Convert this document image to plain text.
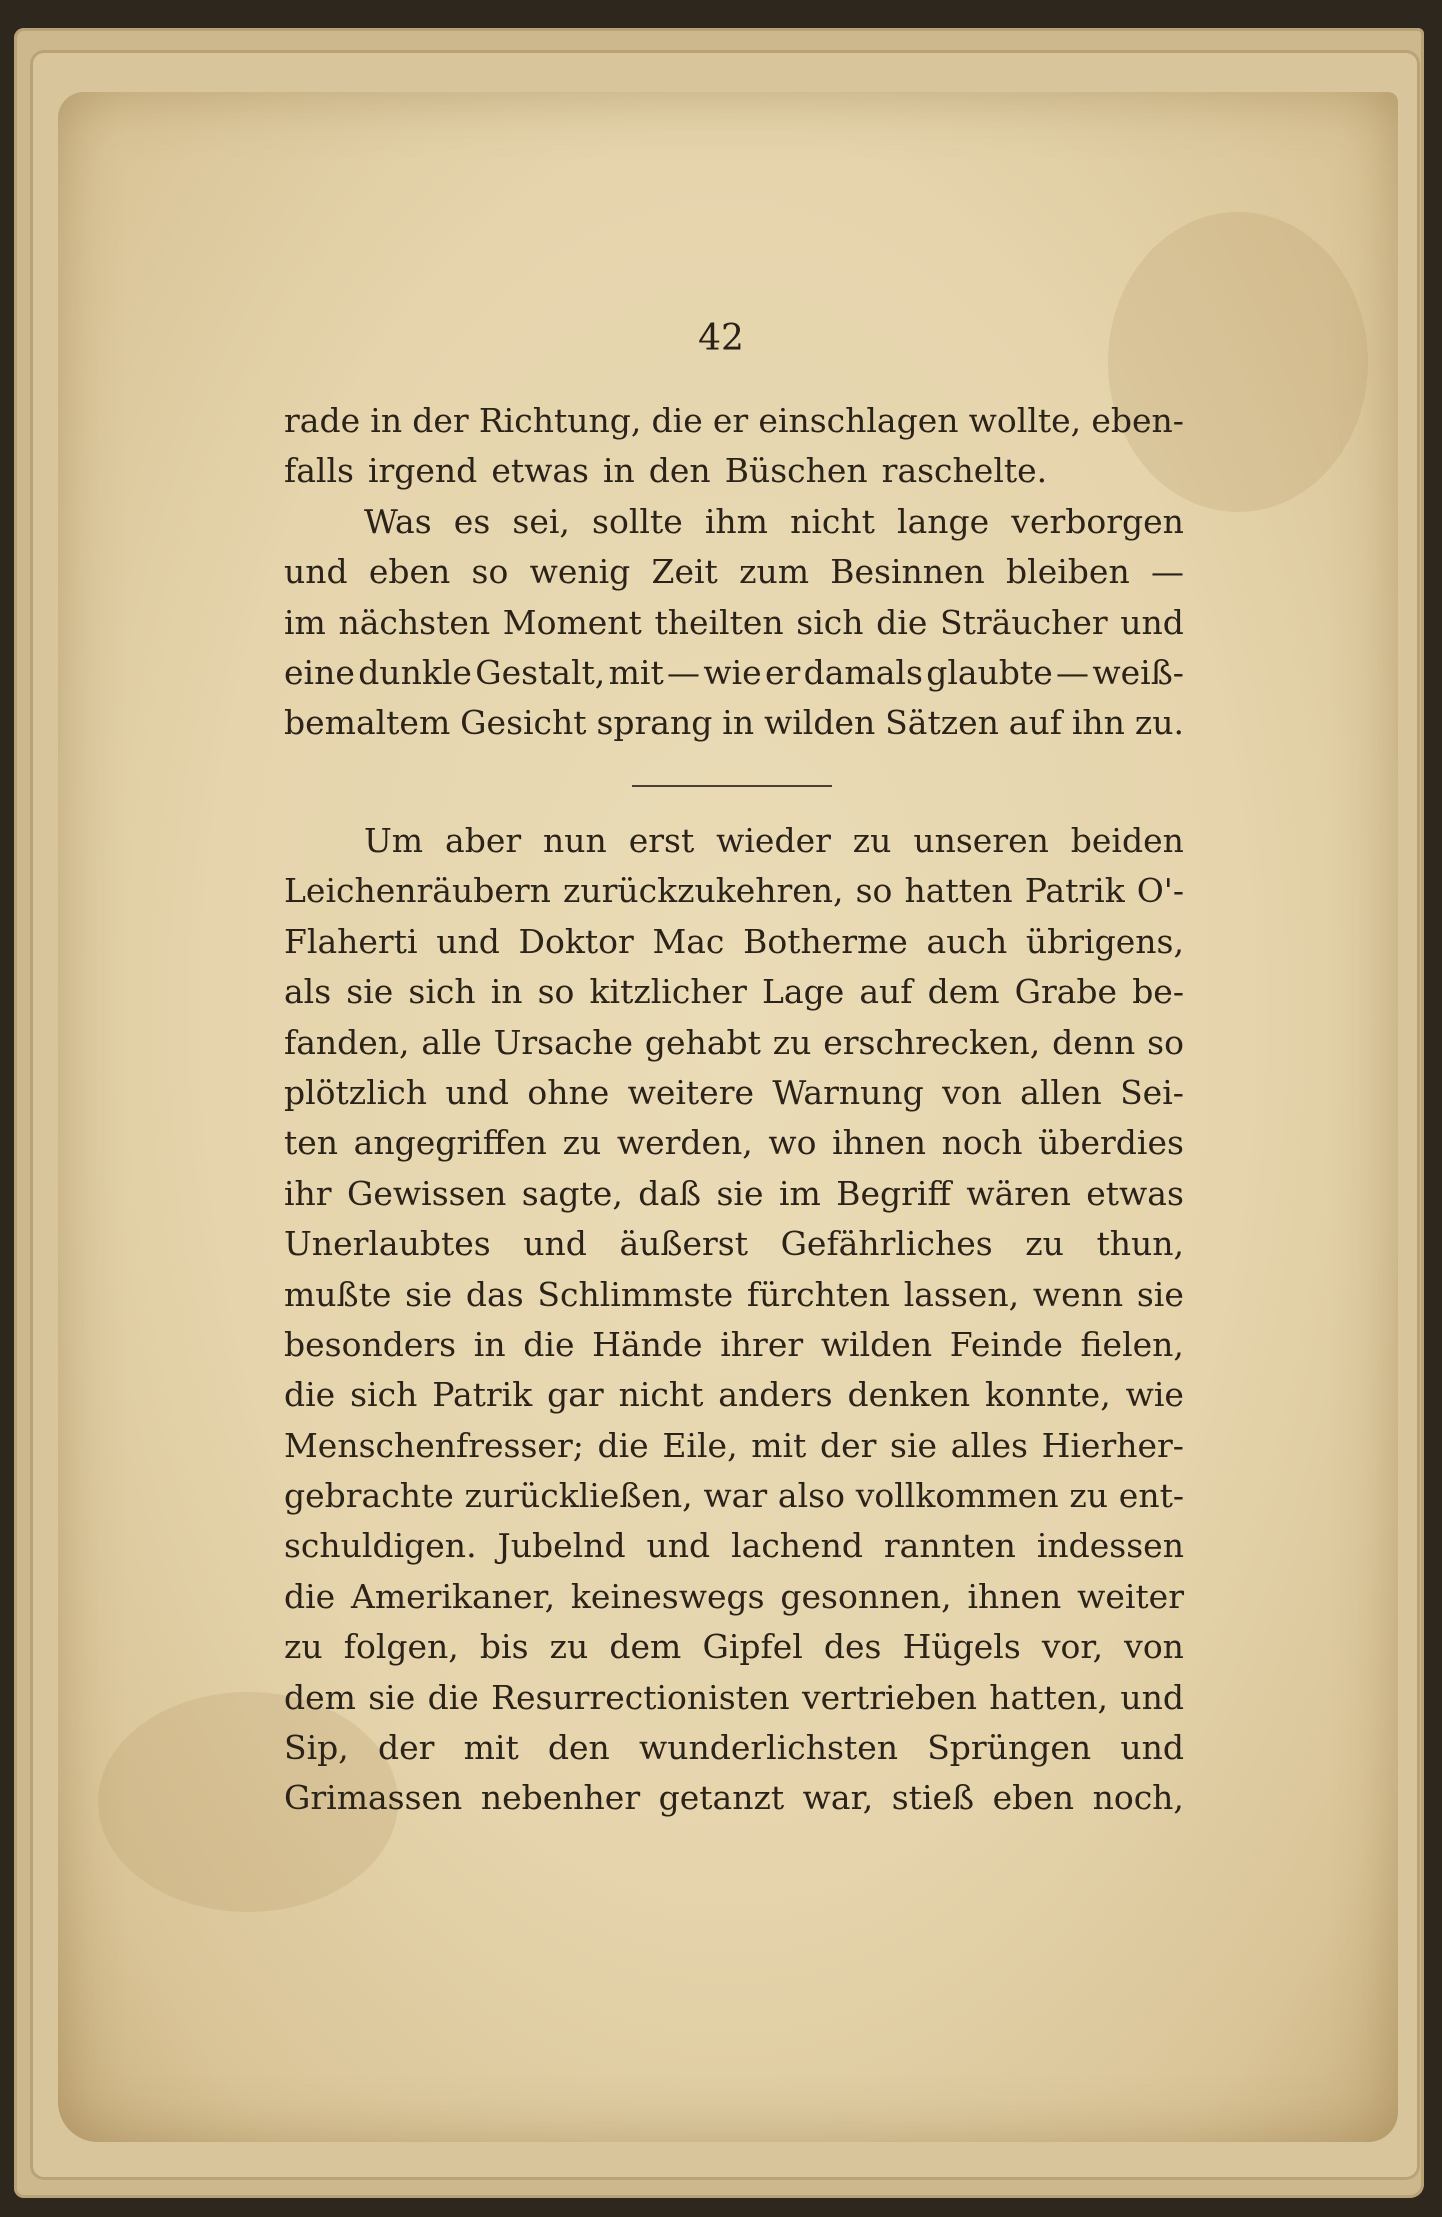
42

rade in der Richtung, die er einschlagen wollte, eben-
falls irgend etwas in den Büschen raschelte.
Was es sei, sollte ihm nicht lange verborgen
und eben so wenig Zeit zum Besinnen bleiben —
im nächsten Moment theilten sich die Sträucher und
eine dunkle Gestalt, mit — wie er damals glaubte — weiß-
bemaltem Gesicht sprang in wilden Sätzen auf ihn zu.
Um aber nun erst wieder zu unseren beiden
Leichenräubern zurückzukehren, so hatten Patrik O'-
Flaherti und Doktor Mac Botherme auch übrigens,
als sie sich in so kitzlicher Lage auf dem Grabe be-
fanden, alle Ursache gehabt zu erschrecken, denn so
plötzlich und ohne weitere Warnung von allen Sei-
ten angegriffen zu werden, wo ihnen noch überdies
ihr Gewissen sagte, daß sie im Begriff wären etwas
Unerlaubtes und äußerst Gefährliches zu thun,
mußte sie das Schlimmste fürchten lassen, wenn sie
besonders in die Hände ihrer wilden Feinde fielen,
die sich Patrik gar nicht anders denken konnte, wie
Menschenfresser; die Eile, mit der sie alles Hierher-
gebrachte zurückließen, war also vollkommen zu ent-
schuldigen. Jubelnd und lachend rannten indessen
die Amerikaner, keineswegs gesonnen, ihnen weiter
zu folgen, bis zu dem Gipfel des Hügels vor, von
dem sie die Resurrectionisten vertrieben hatten, und
Sip, der mit den wunderlichsten Sprüngen und
Grimassen nebenher getanzt war, stieß eben noch,
